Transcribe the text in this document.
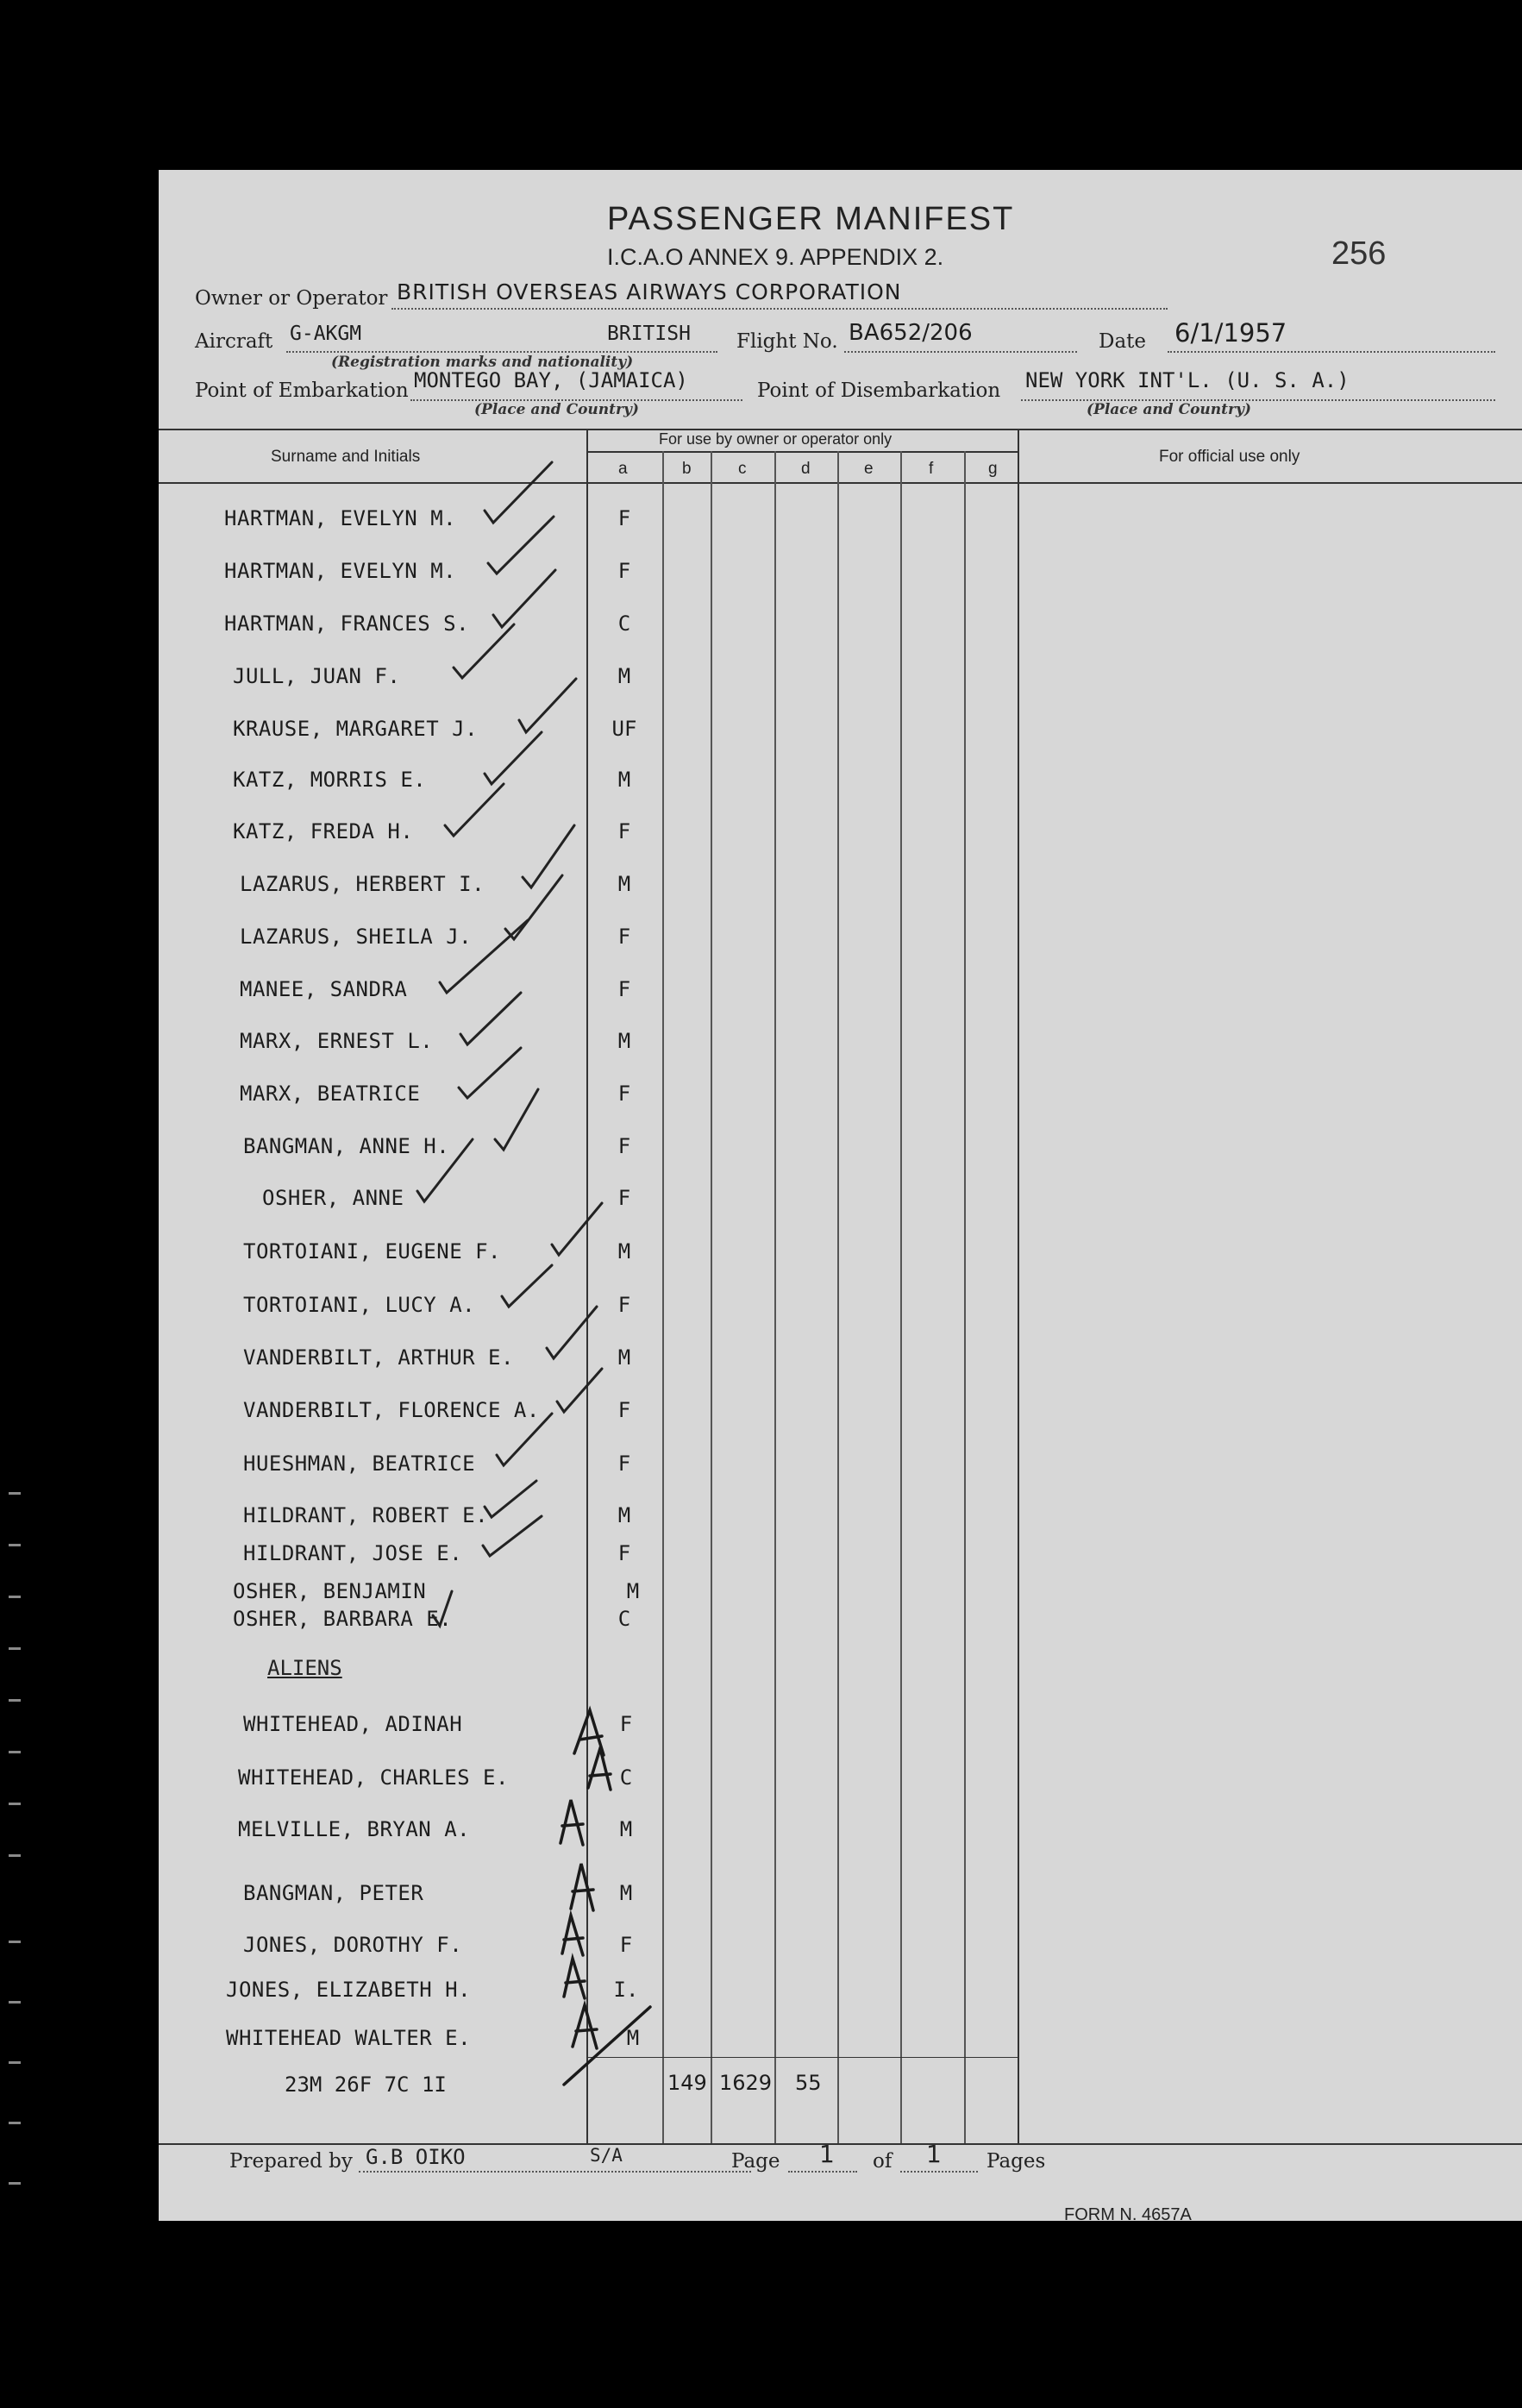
PASSENGER MANIFEST
I.C.A.O ANNEX 9. APPENDIX 2.	256
Owner or Operator BRITISH OVERSEAS AIRWAYS CORPORATION
Aircraft G-AKGM	BRITISH
(Registration marks and nationality)
Flight No. BA652/206	Date 6/1/1957
Point of Embarkation MONTEGO BAY, (JAMAICA)
(Place and Country)
Point of Disembarkation NEW YORK INT'L. (U. S. A.)
(Place and Country)
Surname and Initials
For use by owner or operator only
For official use only
a	b	c	d	e	f	g
HARTMAN, EVELYN M.	F
HARTMAN, EVELYN M.	F
HARTMAN, FRANCES S.	C
JULL, JUAN F.	M
KRAUSE, MARGARET J.	UF
KATZ, MORRIS E.	M
KATZ, FREDA H.	F
LAZARUS, HERBERT I.	M
LAZARUS, SHEILA J.	F
MANEE, SANDRA	F
MARX, ERNEST L.	M
MARX, BEATRICE	F
BANGMAN, ANNE H.	F
OSHER, ANNE	F
TORTOIANI, EUGENE F.	M
TORTOIANI, LUCY A.	F
VANDERBILT, ARTHUR E.	M
VANDERBILT, FLORENCE A.	F
HUESHMAN, BEATRICE	F
HILDRANT, ROBERT E.	M
HILDRANT, JOSE E.	F
OSHER, BENJAMIN	M
OSHER, BARBARA E.	C
ALIENS
WHITEHEAD, ADINAH	F
WHITEHEAD, CHARLES E.	C
MELVILLE, BRYAN A.	M
BANGMAN, PETER	M
JONES, DOROTHY F.	F
JONES, ELIZABETH H.	I.
WHITEHEAD WALTER E.	M
23M 26F 7C 1I	149 1629 55
Prepared by G.B OIKO	S/A	Page 1 of 1 Pages
FORM N. 4657A
